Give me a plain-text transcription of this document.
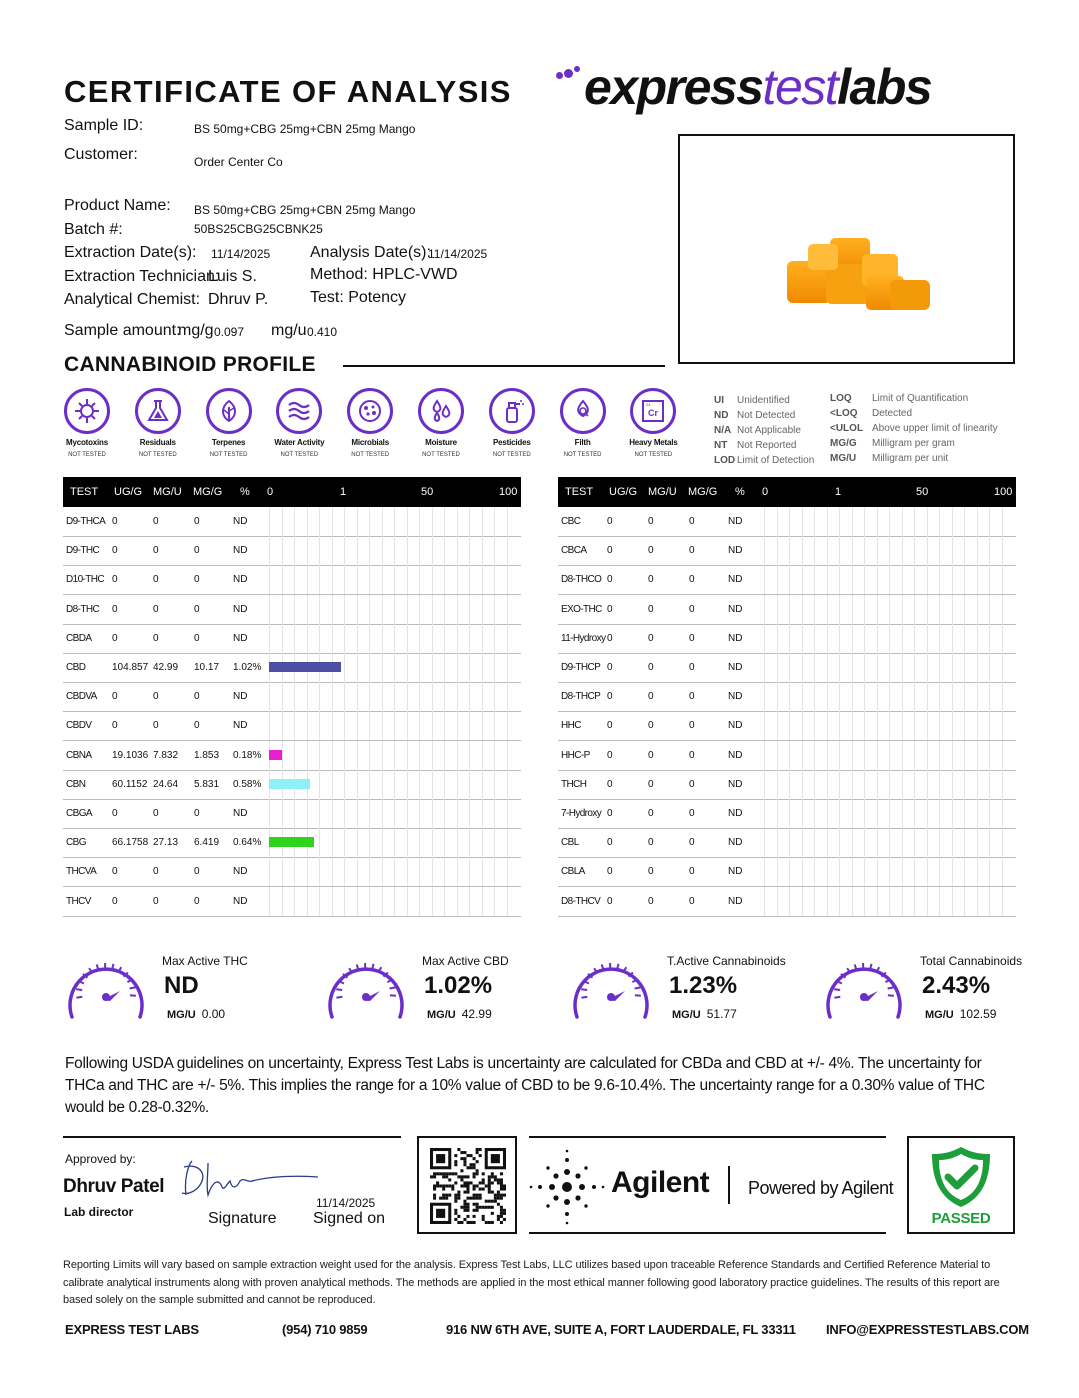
CERTIFICATE OF ANALYSIS	expresstestlabs
Sample ID:	BS 50mg+CBG 25mg+CBN 25mg Mango
Customer:	Order Center Co
Product Name: BS 50mg+CBG 25mg+CBN 25mg Mango
Batch #:	50BS25CBG25CBNK25
Extraction Date(s): 11/14/2025 Analysis Date(s):
11/14/2025
Extraction Technician:
Luis S.	Method: HPLC-VWD
Analytical Chemist: Dhruv P.	Test: Potency
Sample amount:
mg/g 0.097 mg/u 0.410
CANNABINOID PROFILE
Mycotoxins
NOT TESTED
Residuals
NOT TESTED
Terpenes
NOT TESTED
Water Activity
NOT TESTED
Microbials
NOT TESTED
Moisture
NOT TESTED
Pesticides
NOT TESTED
Filth
NOT TESTED
Cr
24
Heavy Metals
NOT TESTED
UI Unidentified
ND Not Detected
N/A Not Applicable
NT Not Reported
LOD Limit of Detection
LOQ Limit of Quantification
<LOQ Detected
<ULOL Above upper limit of linearity
MG/G Milligram per gram
MG/U Milligram per unit
TEST UG/G MG/U MG/G % 0	1	50	100
D9-THCA 0	0	0	ND
D9-THC 0	0	0	ND
D10-THC 0	0	0	ND
D8-THC 0	0	0	ND
CBDA 0	0	0	ND
CBD	104.857 42.99 10.17 1.02%
CBDVA 0	0	0	ND
CBDV 0	0	0	ND
CBNA 19.1036 7.832 1.853 0.18%
CBN	60.1152 24.64 5.831 0.58%
CBGA 0	0	0	ND
CBG	66.1758 27.13 6.419 0.64%
THCVA 0	0	0	ND
THCV 0	0	0	ND
TEST UG/G MG/U MG/G % 0	1	50	100
CBC	0	0	0	ND
CBCA 0	0	0	ND
D8-THCO 0	0	0	ND
EXO-THC 0	0	0	ND
11-Hydroxy 0	0	0	ND
D9-THCP 0	0	0	ND
D8-THCP 0	0	0	ND
HHC	0	0	0	ND
HHC-P 0	0	0	ND
THCH 0	0	0	ND
7-Hydroxy 0	0	0	ND
CBL	0	0	0	ND
CBLA 0	0	0	ND
D8-THCV 0	0	0	ND
Max Active THC
ND
MG/U 0.00
Max Active CBD
1.02%
MG/U 42.99
T.Active Cannabinoids
1.23%
MG/U 51.77
Total Cannabinoids
2.43%
MG/U 102.59
Following USDA guidelines on uncertainty, Express Test Labs is uncertainty are calculated for CBDa and CBD at +/- 4%. The uncertainty for THCa and THC are +/- 5%. This implies the range for a 10% value of CBD to be 9.6-10.4%. The uncertainty range for a 0.30% value of THC would be 0.28-0.32%.
Approved by:
Dhruv Patel
Lab director	Signature
11/14/2025
Signed on
Agilent Powered by Agilent
PASSED
Reporting Limits will vary based on sample extraction weight used for the analysis. Express Test Labs, LLC utilizes based upon traceable Reference Standards and Certified Reference Material to calibrate analytical instruments along with proven analytical methods. The methods are applied in the most ethical manner following good laboratory practice guidelines. The results of this report are based solely on the sample submitted and cannot be reproduced.
EXPRESS TEST LABS	(954) 710 9859	916 NW 6TH AVE, SUITE A, FORT LAUDERDALE, FL 33311 INFO@EXPRESSTESTLABS.COM
